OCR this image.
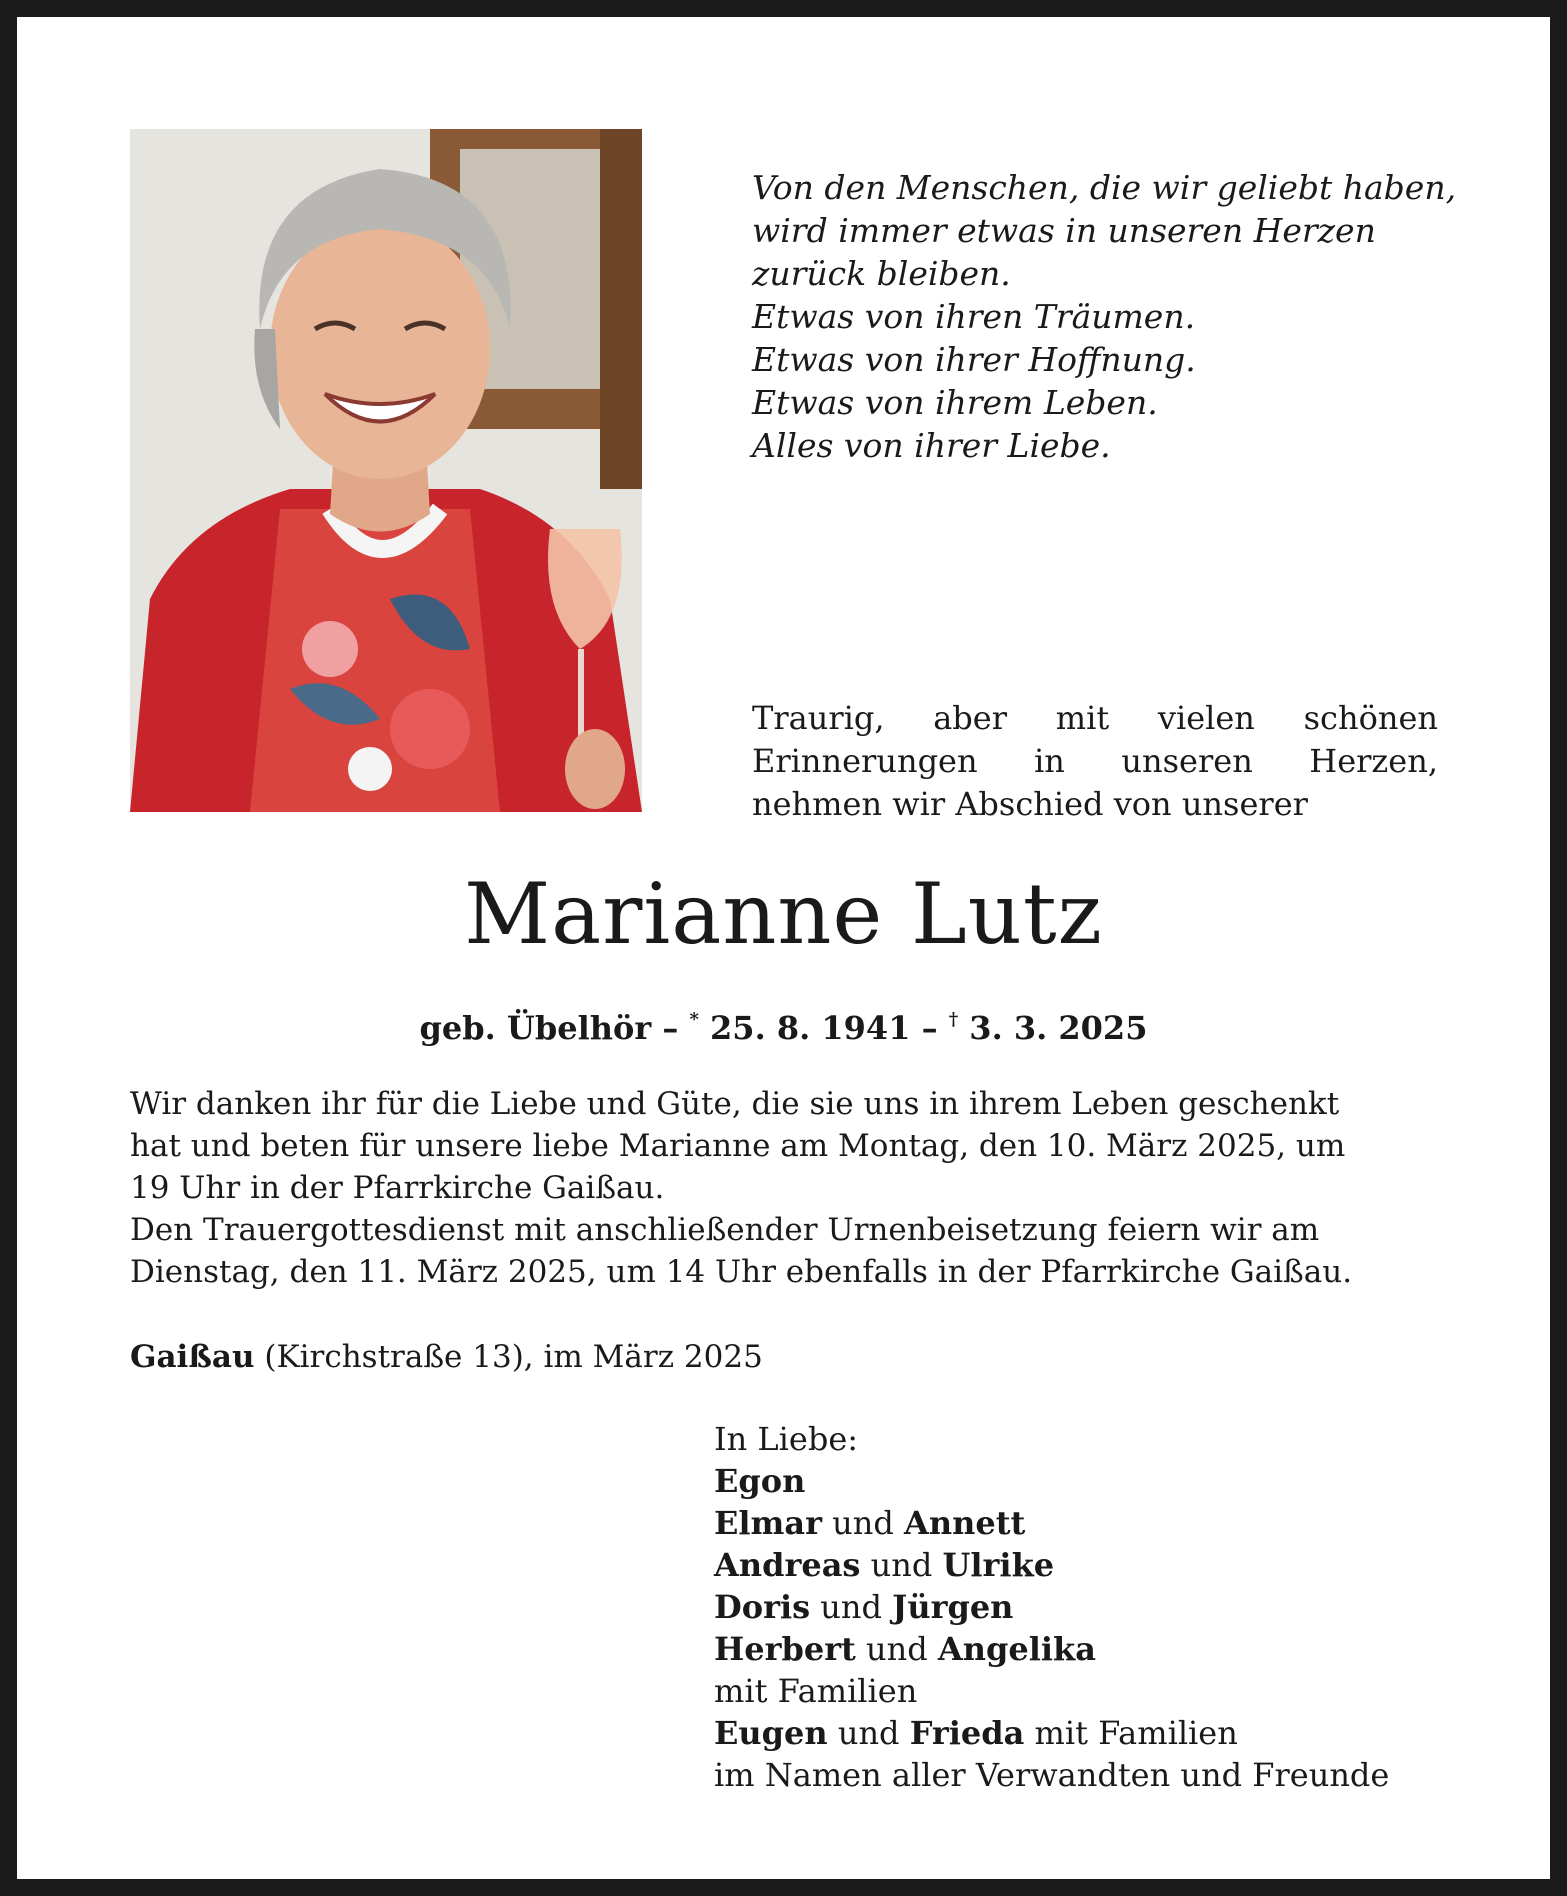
Von den Menschen, die wir geliebt haben,
wird immer etwas in unseren Herzen
zurück bleiben.
Etwas von ihren Träumen.
Etwas von ihrer Hoffnung.
Etwas von ihrem Leben.
Alles von ihrer Liebe.
Traurig, aber mit vielen schönen Erinnerungen in unseren Herzen, nehmen wir Abschied von unserer
Marianne Lutz
geb. Übelhör – * 25. 8. 1941 – † 3. 3. 2025
Wir danken ihr für die Liebe und Güte, die sie uns in ihrem Leben geschenkt
hat und beten für unsere liebe Marianne am Montag, den 10. März 2025, um
19 Uhr in der Pfarrkirche Gaißau.
Den Trauergottesdienst mit anschließender Urnenbeisetzung feiern wir am
Dienstag, den 11. März 2025, um 14 Uhr ebenfalls in der Pfarrkirche Gaißau.
Gaißau (Kirchstraße 13), im März 2025
In Liebe:
Egon
Elmar und Annett
Andreas und Ulrike
Doris und Jürgen
Herbert und Angelika
mit Familien
Eugen und Frieda mit Familien
im Namen aller Verwandten und Freunde
